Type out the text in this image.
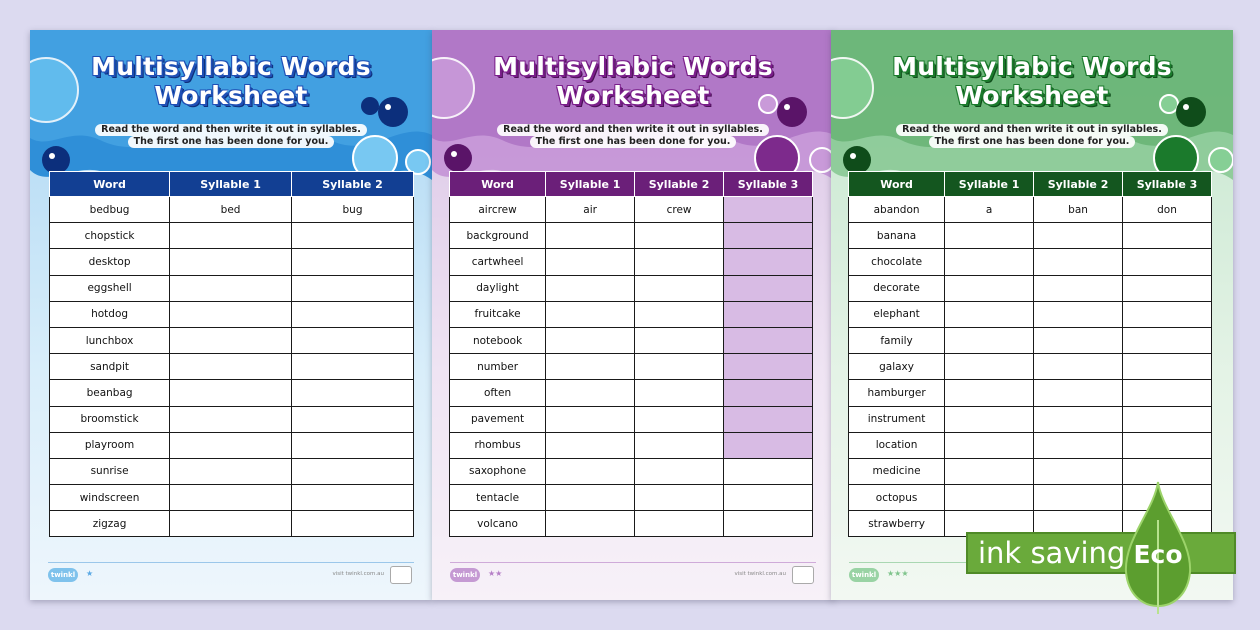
Multisyllabic Words
Worksheet
Read the word and then write it out in syllables.
The first one has been done for you.
Word	Syllable 1	Syllable 2
bedbug	bed	bug
chopstick		
desktop		
eggshell		
hotdog		
lunchbox		
sandpit		
beanbag		
broomstick		
playroom		
sunrise		
windscreen		
zigzag		
twinkl	★	visit twinkl.com.au
Multisyllabic Words
Worksheet
Read the word and then write it out in syllables.
The first one has been done for you.
Word	Syllable 1	Syllable 2	Syllable 3
aircrew	air	crew	
background			
cartwheel			
daylight			
fruitcake			
notebook			
number			
often			
pavement			
rhombus			
saxophone			
tentacle			
volcano			
twinkl	★★	visit twinkl.com.au
Multisyllabic Words
Worksheet
Read the word and then write it out in syllables.
The first one has been done for you.
Word	Syllable 1	Syllable 2	Syllable 3
abandon	a	ban	don
banana			
chocolate			
decorate			
elephant			
family			
galaxy			
hamburger			
instrument			
location			
medicine			
octopus			
strawberry			
twinkl	★★★
ink saving Eco
